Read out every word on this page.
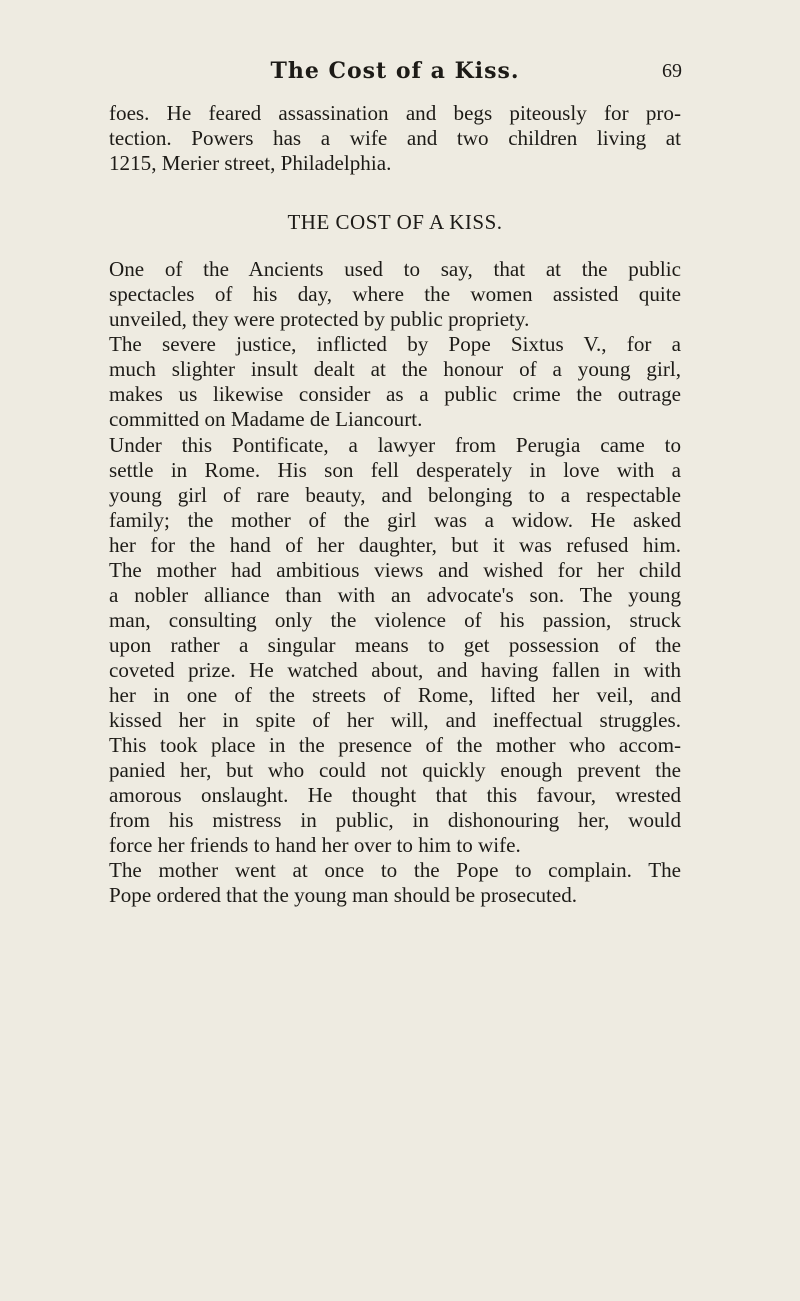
The Cost of a Kiss.	69

foes. He feared assassination and begs piteously for pro-
tection. Powers has a wife and two children living at
1215, Merier street, Philadelphia.

THE COST OF A KISS.

One of the Ancients used to say, that at the public
spectacles of his day, where the women assisted quite
unveiled, they were protected by public propriety.

The severe justice, inflicted by Pope Sixtus V., for a
much slighter insult dealt at the honour of a young girl,
makes us likewise consider as a public crime the outrage
committed on Madame de Liancourt.

Under this Pontificate, a lawyer from Perugia came to
settle in Rome. His son fell desperately in love with a
young girl of rare beauty, and belonging to a respectable
family; the mother of the girl was a widow. He asked
her for the hand of her daughter, but it was refused him.
The mother had ambitious views and wished for her child
a nobler alliance than with an advocate's son. The young
man, consulting only the violence of his passion, struck
upon rather a singular means to get possession of the
coveted prize. He watched about, and having fallen in with
her in one of the streets of Rome, lifted her veil, and
kissed her in spite of her will, and ineffectual struggles.
This took place in the presence of the mother who accom-
panied her, but who could not quickly enough prevent the
amorous onslaught. He thought that this favour, wrested
from his mistress in public, in dishonouring her, would
force her friends to hand her over to him to wife.

The mother went at once to the Pope to complain. The
Pope ordered that the young man should be prosecuted.
